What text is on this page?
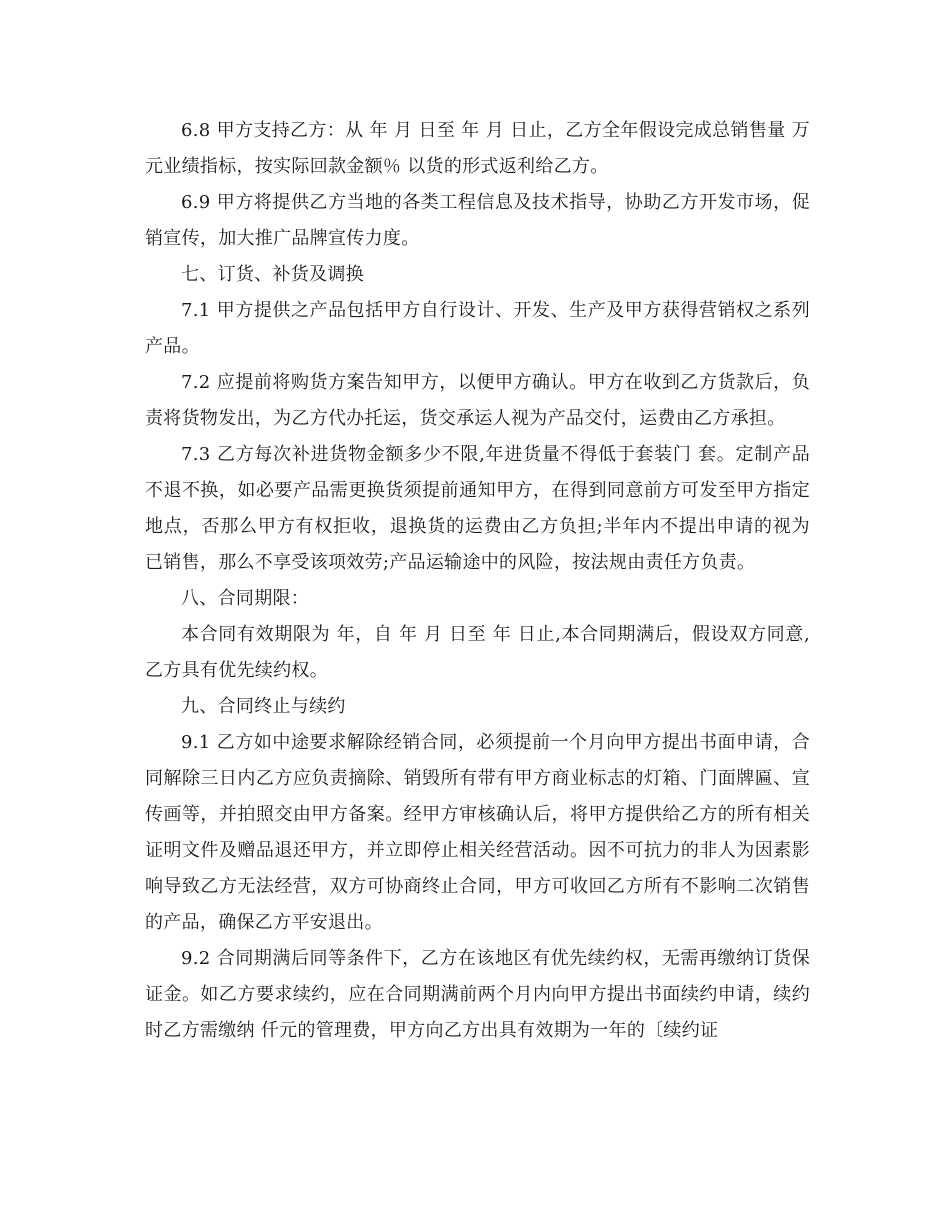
6.8 甲方支持乙方：从 年 月 日至 年 月 日止，乙方全年假设完成总销售量 万元业绩指标，按实际回款金额％ 以货的形式返利给乙方。

6.9 甲方将提供乙方当地的各类工程信息及技术指导，协助乙方开发市场，促销宣传，加大推广品牌宣传力度。

七、订货、补货及调换

7.1 甲方提供之产品包括甲方自行设计、开发、生产及甲方获得营销权之系列产品。

7.2 应提前将购货方案告知甲方，以便甲方确认。甲方在收到乙方货款后，负责将货物发出，为乙方代办托运，货交承运人视为产品交付，运费由乙方承担。

7.3 乙方每次补进货物金额多少不限,年进货量不得低于套装门 套。定制产品不退不换，如必要产品需更换货须提前通知甲方，在得到同意前方可发至甲方指定地点，否那么甲方有权拒收，退换货的运费由乙方负担;半年内不提出申请的视为已销售，那么不享受该项效劳;产品运输途中的风险，按法规由责任方负责。

八、合同期限：

本合同有效期限为 年，自 年 月 日至 年 日止,本合同期满后，假设双方同意,乙方具有优先续约权。

九、合同终止与续约

9.1 乙方如中途要求解除经销合同，必须提前一个月向甲方提出书面申请，合同解除三日内乙方应负责摘除、销毁所有带有甲方商业标志的灯箱、门面牌匾、宣传画等，并拍照交由甲方备案。经甲方审核确认后，将甲方提供给乙方的所有相关证明文件及赠品退还甲方，并立即停止相关经营活动。因不可抗力的非人为因素影响导致乙方无法经营，双方可协商终止合同，甲方可收回乙方所有不影响二次销售的产品，确保乙方平安退出。

9.2 合同期满后同等条件下，乙方在该地区有优先续约权，无需再缴纳订货保证金。如乙方要求续约，应在合同期满前两个月内向甲方提出书面续约申请，续约时乙方需缴纳 仟元的管理费，甲方向乙方出具有效期为一年的〔续约证
